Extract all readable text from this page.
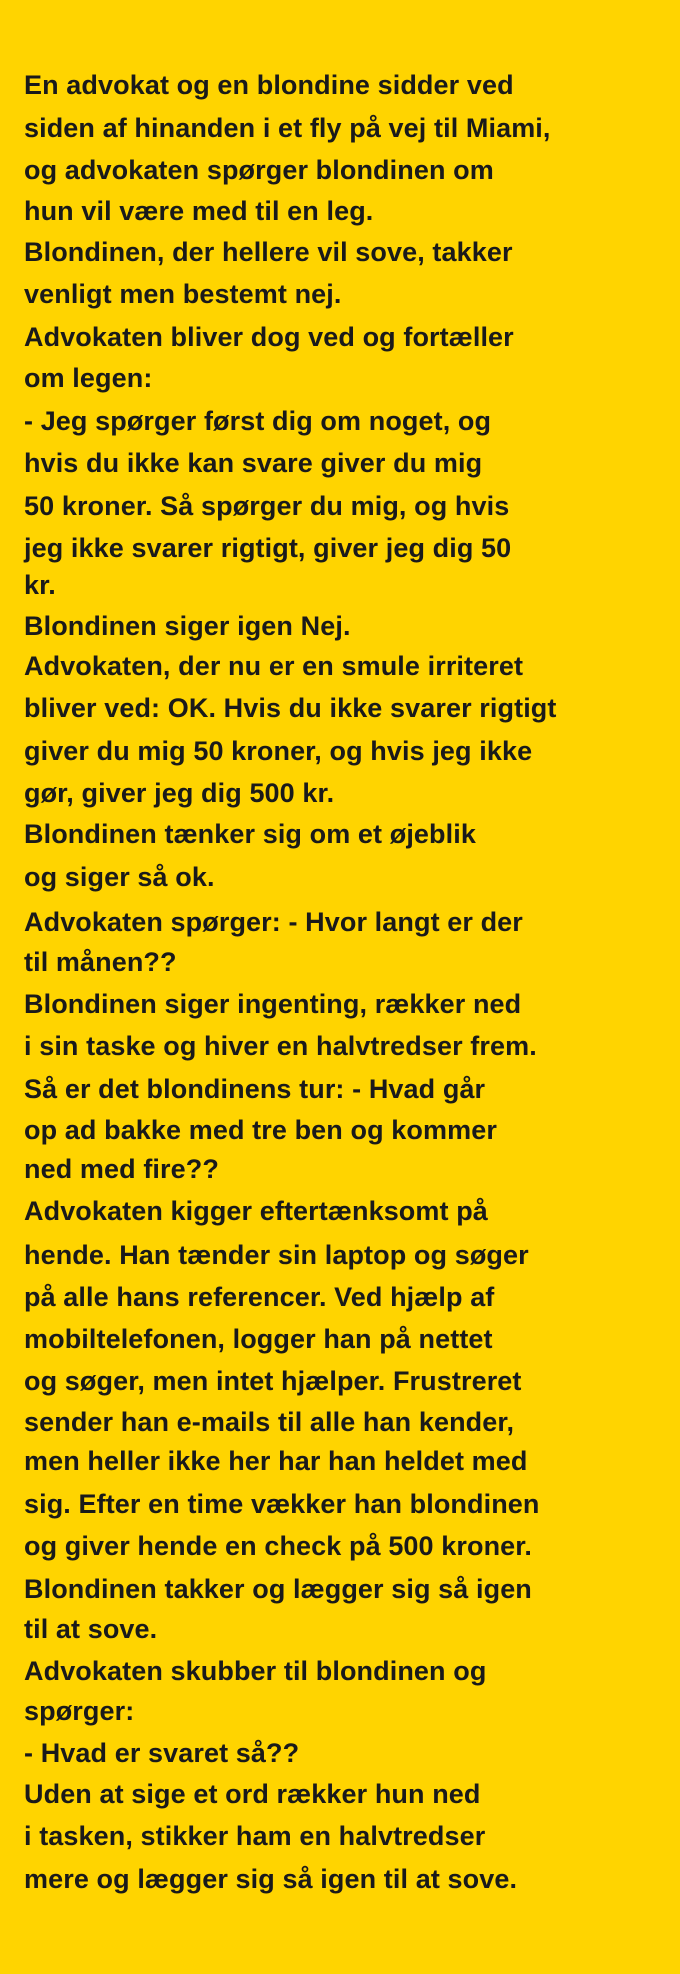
En advokat og en blondine sidder ved
siden af hinanden i et fly på vej til Miami,
og advokaten spørger blondinen om
hun vil være med til en leg.
Blondinen, der hellere vil sove, takker
venligt men bestemt nej.
Advokaten bliver dog ved og fortæller
om legen:
- Jeg spørger først dig om noget, og
hvis du ikke kan svare giver du mig
50 kroner. Så spørger du mig, og hvis
jeg ikke svarer rigtigt, giver jeg dig 50
kr.
Blondinen siger igen Nej.
Advokaten, der nu er en smule irriteret
bliver ved: OK. Hvis du ikke svarer rigtigt
giver du mig 50 kroner, og hvis jeg ikke
gør, giver jeg dig 500 kr.
Blondinen tænker sig om et øjeblik
og siger så ok.
Advokaten spørger: - Hvor langt er der
til månen??
Blondinen siger ingenting, rækker ned
i sin taske og hiver en halvtredser frem.
Så er det blondinens tur: - Hvad går
op ad bakke med tre ben og kommer
ned med fire??
Advokaten kigger eftertænksomt på
hende. Han tænder sin laptop og søger
på alle hans referencer. Ved hjælp af
mobiltelefonen, logger han på nettet
og søger, men intet hjælper. Frustreret
sender han e-mails til alle han kender,
men heller ikke her har han heldet med
sig. Efter en time vækker han blondinen
og giver hende en check på 500 kroner.
Blondinen takker og lægger sig så igen
til at sove.
Advokaten skubber til blondinen og
spørger:
- Hvad er svaret så??
Uden at sige et ord rækker hun ned
i tasken, stikker ham en halvtredser
mere og lægger sig så igen til at sove.
